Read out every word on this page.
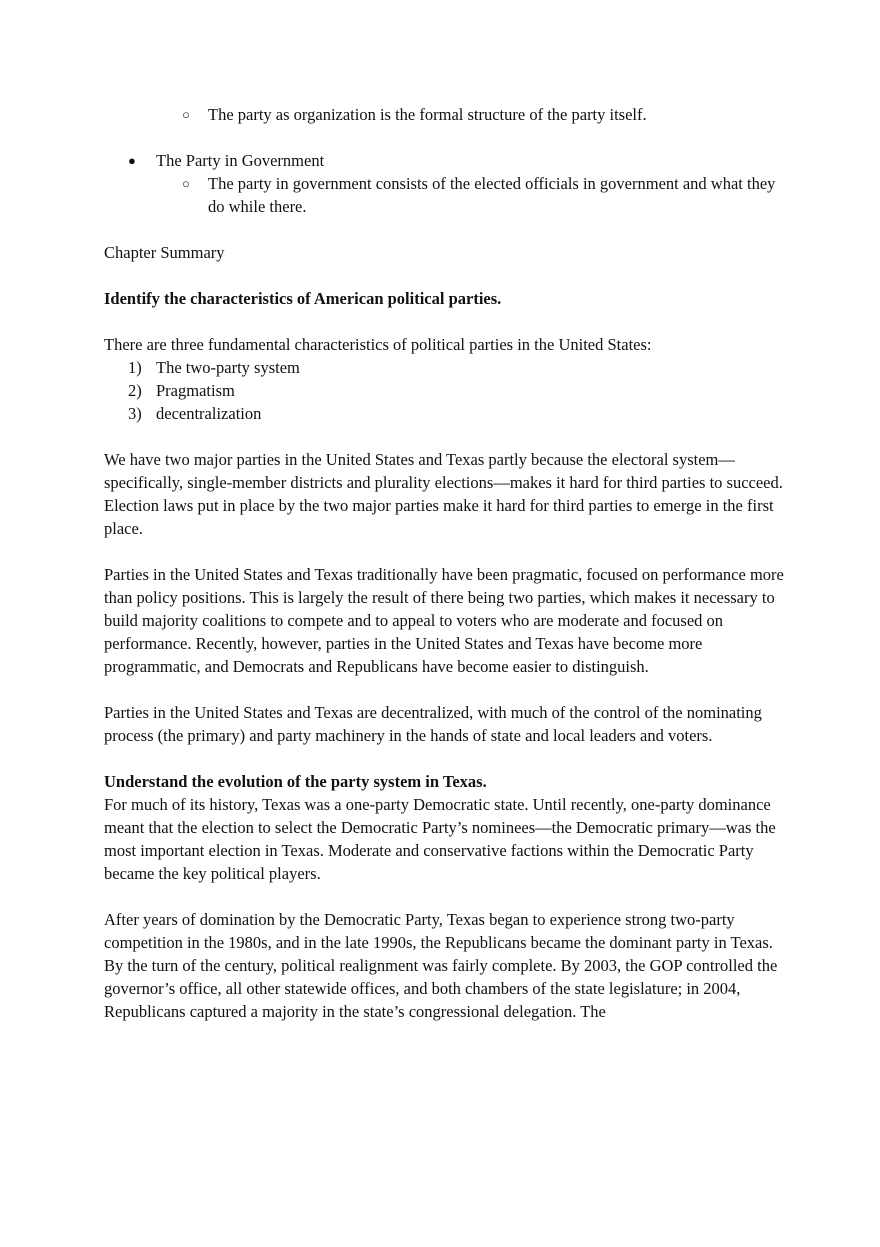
○ The party as organization is the formal structure of the party itself.

● The Party in Government

○ The party in government consists of the elected officials in government and what they do while there.

Chapter Summary

Identify the characteristics of American political parties.

There are three fundamental characteristics of political parties in the United States:

1) The two-party system
2) Pragmatism
3) decentralization

We have two major parties in the United States and Texas partly because the electoral system—specifically, single-member districts and plurality elections—makes it hard for third parties to succeed. Election laws put in place by the two major parties make it hard for third parties to emerge in the first place.

Parties in the United States and Texas traditionally have been pragmatic, focused on performance more than policy positions. This is largely the result of there being two parties, which makes it necessary to build majority coalitions to compete and to appeal to voters who are moderate and focused on performance. Recently, however, parties in the United States and Texas have become more programmatic, and Democrats and Republicans have become easier to distinguish.

Parties in the United States and Texas are decentralized, with much of the control of the nominating process (the primary) and party machinery in the hands of state and local leaders and voters.

Understand the evolution of the party system in Texas.

For much of its history, Texas was a one-party Democratic state. Until recently, one-party dominance meant that the election to select the Democratic Party’s nominees—the Democratic primary—was the most important election in Texas. Moderate and conservative factions within the Democratic Party became the key political players.

After years of domination by the Democratic Party, Texas began to experience strong two-party competition in the 1980s, and in the late 1990s, the Republicans became the dominant party in Texas. By the turn of the century, political realignment was fairly complete. By 2003, the GOP controlled the governor’s office, all other statewide offices, and both chambers of the state legislature; in 2004, Republicans captured a majority in the state’s congressional delegation. The
